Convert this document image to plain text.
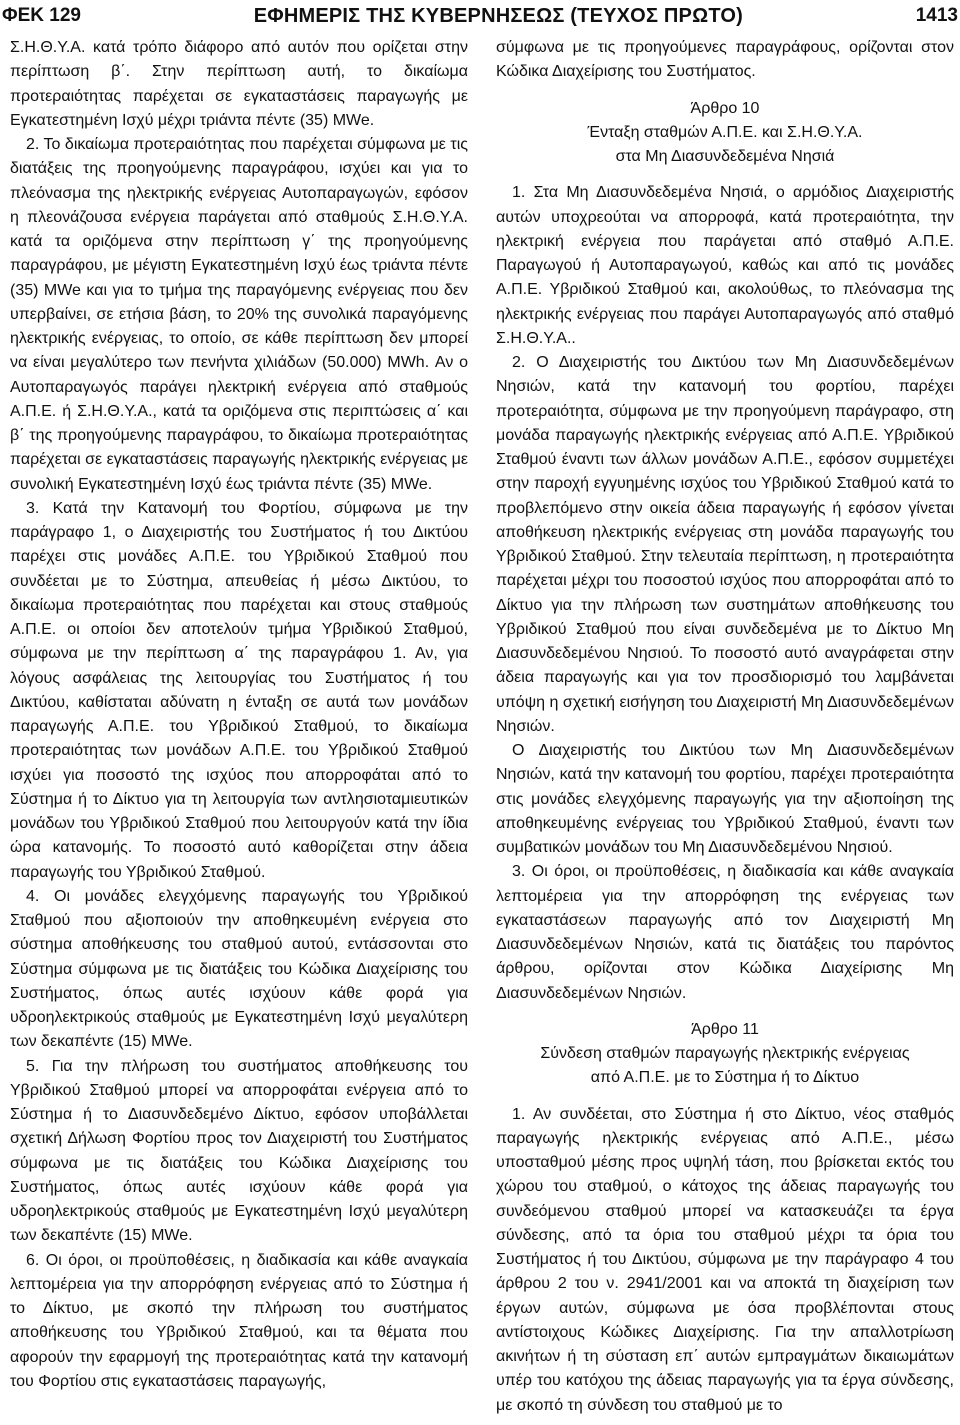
ΦΕΚ 129	ΕΦΗΜΕΡΙΣ ΤΗΣ ΚΥΒΕΡΝΗΣΕΩΣ (ΤΕΥΧΟΣ ΠΡΩΤΟ)	1413

Σ.Η.Θ.Υ.Α. κατά τρόπο διάφορο από αυτόν που ορίζεται στην περίπτωση β΄. Στην περίπτωση αυτή, το δικαίωμα προτεραιότητας παρέχεται σε εγκαταστάσεις παραγωγής με Εγκατεστημένη Ισχύ μέχρι τριάντα πέντε (35) MWe.

2. Το δικαίωμα προτεραιότητας που παρέχεται σύμφωνα με τις διατάξεις της προηγούμενης παραγράφου, ισχύει και για το πλεόνασμα της ηλεκτρικής ενέργειας Αυτοπαραγωγών, εφόσον η πλεονάζουσα ενέργεια παράγεται από σταθμούς Σ.Η.Θ.Υ.Α. κατά τα οριζόμενα στην περίπτωση γ΄ της προηγούμενης παραγράφου, με μέγιστη Εγκατεστημένη Ισχύ έως τριάντα πέντε (35) MWe και για το τμήμα της παραγόμενης ενέργειας που δεν υπερβαίνει, σε ετήσια βάση, το 20% της συνολικά παραγόμενης ηλεκτρικής ενέργειας, το οποίο, σε κάθε περίπτωση δεν μπορεί να είναι μεγαλύτερο των πενήντα χιλιάδων (50.000) MWh. Αν ο Αυτοπαραγωγός παράγει ηλεκτρική ενέργεια από σταθμούς Α.Π.Ε. ή Σ.Η.Θ.Υ.Α., κατά τα οριζόμενα στις περιπτώσεις α΄ και β΄ της προηγούμενης παραγράφου, το δικαίωμα προτεραιότητας παρέχεται σε εγκαταστάσεις παραγωγής ηλεκτρικής ενέργειας με συνολική Εγκατεστημένη Ισχύ έως τριάντα πέντε (35) MWe.

3. Κατά την Κατανομή του Φορτίου, σύμφωνα με την παράγραφο 1, ο Διαχειριστής του Συστήματος ή του Δικτύου παρέχει στις μονάδες Α.Π.Ε. του Υβριδικού Σταθμού που συνδέεται με το Σύστημα, απευθείας ή μέσω Δικτύου, το δικαίωμα προτεραιότητας που παρέχεται και στους σταθμούς Α.Π.Ε. οι οποίοι δεν αποτελούν τμήμα Υβριδικού Σταθμού, σύμφωνα με την περίπτωση α΄ της παραγράφου 1. Αν, για λόγους ασφάλειας της λειτουργίας του Συστήματος ή του Δικτύου, καθίσταται αδύνατη η ένταξη σε αυτά των μονάδων παραγωγής Α.Π.Ε. του Υβριδικού Σταθμού, το δικαίωμα προτεραιότητας των μονάδων Α.Π.Ε. του Υβριδικού Σταθμού ισχύει για ποσοστό της ισχύος που απορροφάται από το Σύστημα ή το Δίκτυο για τη λειτουργία των αντλησιοταμιευτικών μονάδων του Υβριδικού Σταθμού που λειτουργούν κατά την ίδια ώρα κατανομής. Το ποσοστό αυτό καθορίζεται στην άδεια παραγωγής του Υβριδικού Σταθμού.

4. Οι μονάδες ελεγχόμενης παραγωγής του Υβριδικού Σταθμού που αξιοποιούν την αποθηκευμένη ενέργεια στο σύστημα αποθήκευσης του σταθμού αυτού, εντάσσονται στο Σύστημα σύμφωνα με τις διατάξεις του Κώδικα Διαχείρισης του Συστήματος, όπως αυτές ισχύουν κάθε φορά για υδροηλεκτρικούς σταθμούς με Εγκατεστημένη Ισχύ μεγαλύτερη των δεκαπέντε (15) MWe.

5. Για την πλήρωση του συστήματος αποθήκευσης του Υβριδικού Σταθμού μπορεί να απορροφάται ενέργεια από το Σύστημα ή το Διασυνδεδεμένο Δίκτυο, εφόσον υποβάλλεται σχετική Δήλωση Φορτίου προς τον Διαχειριστή του Συστήματος σύμφωνα με τις διατάξεις του Κώδικα Διαχείρισης του Συστήματος, όπως αυτές ισχύουν κάθε φορά για υδροηλεκτρικούς σταθμούς με Εγκατεστημένη Ισχύ μεγαλύτερη των δεκαπέντε (15) MWe.

6. Οι όροι, οι προϋποθέσεις, η διαδικασία και κάθε αναγκαία λεπτομέρεια για την απορρόφηση ενέργειας από το Σύστημα ή το Δίκτυο, με σκοπό την πλήρωση του συστήματος αποθήκευσης του Υβριδικού Σταθμού, και τα θέματα που αφορούν την εφαρμογή της προτεραιότητας κατά την κατανομή του Φορτίου στις εγκαταστάσεις παραγωγής,

σύμφωνα με τις προηγούμενες παραγράφους, ορίζονται στον Κώδικα Διαχείρισης του Συστήματος.

Άρθρο 10

Ένταξη σταθμών Α.Π.Ε. και Σ.Η.Θ.Υ.Α.

στα Μη Διασυνδεδεμένα Νησιά

1. Στα Μη Διασυνδεδεμένα Νησιά, ο αρμόδιος Διαχειριστής αυτών υποχρεούται να απορροφά, κατά προτεραιότητα, την ηλεκτρική ενέργεια που παράγεται από σταθμό Α.Π.Ε. Παραγωγού ή Αυτοπαραγωγού, καθώς και από τις μονάδες Α.Π.Ε. Υβριδικού Σταθμού και, ακολούθως, το πλεόνασμα της ηλεκτρικής ενέργειας που παράγει Αυτοπαραγωγός από σταθμό Σ.Η.Θ.Υ.Α..

2. Ο Διαχειριστής του Δικτύου των Μη Διασυνδεδεμένων Νησιών, κατά την κατανομή του φορτίου, παρέχει προτεραιότητα, σύμφωνα με την προηγούμενη παράγραφο, στη μονάδα παραγωγής ηλεκτρικής ενέργειας από Α.Π.Ε. Υβριδικού Σταθμού έναντι των άλλων μονάδων Α.Π.Ε., εφόσον συμμετέχει στην παροχή εγγυημένης ισχύος του Υβριδικού Σταθμού κατά το προβλεπόμενο στην οικεία άδεια παραγωγής ή εφόσον γίνεται αποθήκευση ηλεκτρικής ενέργειας στη μονάδα παραγωγής του Υβριδικού Σταθμού. Στην τελευταία περίπτωση, η προτεραιότητα παρέχεται μέχρι του ποσοστού ισχύος που απορροφάται από το Δίκτυο για την πλήρωση των συστημάτων αποθήκευσης του Υβριδικού Σταθμού που είναι συνδεδεμένα με το Δίκτυο Μη Διασυνδεδεμένου Νησιού. Το ποσοστό αυτό αναγράφεται στην άδεια παραγωγής και για τον προσδιορισμό του λαμβάνεται υπόψη η σχετική εισήγηση του Διαχειριστή Μη Διασυνδεδεμένων Νησιών.

Ο Διαχειριστής του Δικτύου των Μη Διασυνδεδεμένων Νησιών, κατά την κατανομή του φορτίου, παρέχει προτεραιότητα στις μονάδες ελεγχόμενης παραγωγής για την αξιοποίηση της αποθηκευμένης ενέργειας του Υβριδικού Σταθμού, έναντι των συμβατικών μονάδων του Μη Διασυνδεδεμένου Νησιού.

3. Οι όροι, οι προϋποθέσεις, η διαδικασία και κάθε αναγκαία λεπτομέρεια για την απορρόφηση της ενέργειας των εγκαταστάσεων παραγωγής από τον Διαχειριστή Μη Διασυνδεδεμένων Νησιών, κατά τις διατάξεις του παρόντος άρθρου, ορίζονται στον Κώδικα Διαχείρισης Μη Διασυνδεδεμένων Νησιών.

Άρθρο 11

Σύνδεση σταθμών παραγωγής ηλεκτρικής ενέργειας

από Α.Π.Ε. με το Σύστημα ή το Δίκτυο

1. Αν συνδέεται, στο Σύστημα ή στο Δίκτυο, νέος σταθμός παραγωγής ηλεκτρικής ενέργειας από Α.Π.Ε., μέσω υποσταθμού μέσης προς υψηλή τάση, που βρίσκεται εκτός του χώρου του σταθμού, ο κάτοχος της άδειας παραγωγής του συνδεόμενου σταθμού μπορεί να κατασκευάζει τα έργα σύνδεσης, από τα όρια του σταθμού μέχρι τα όρια του Συστήματος ή του Δικτύου, σύμφωνα με την παράγραφο 4 του άρθρου 2 του ν. 2941/2001 και να αποκτά τη διαχείριση των έργων αυτών, σύμφωνα με όσα προβλέπονται στους αντίστοιχους Κώδικες Διαχείρισης. Για την απαλλοτρίωση ακινήτων ή τη σύσταση επ΄ αυτών εμπραγμάτων δικαιωμάτων υπέρ του κατόχου της άδειας παραγωγής για τα έργα σύνδεσης, με σκοπό τη σύνδεση του σταθμού με το
